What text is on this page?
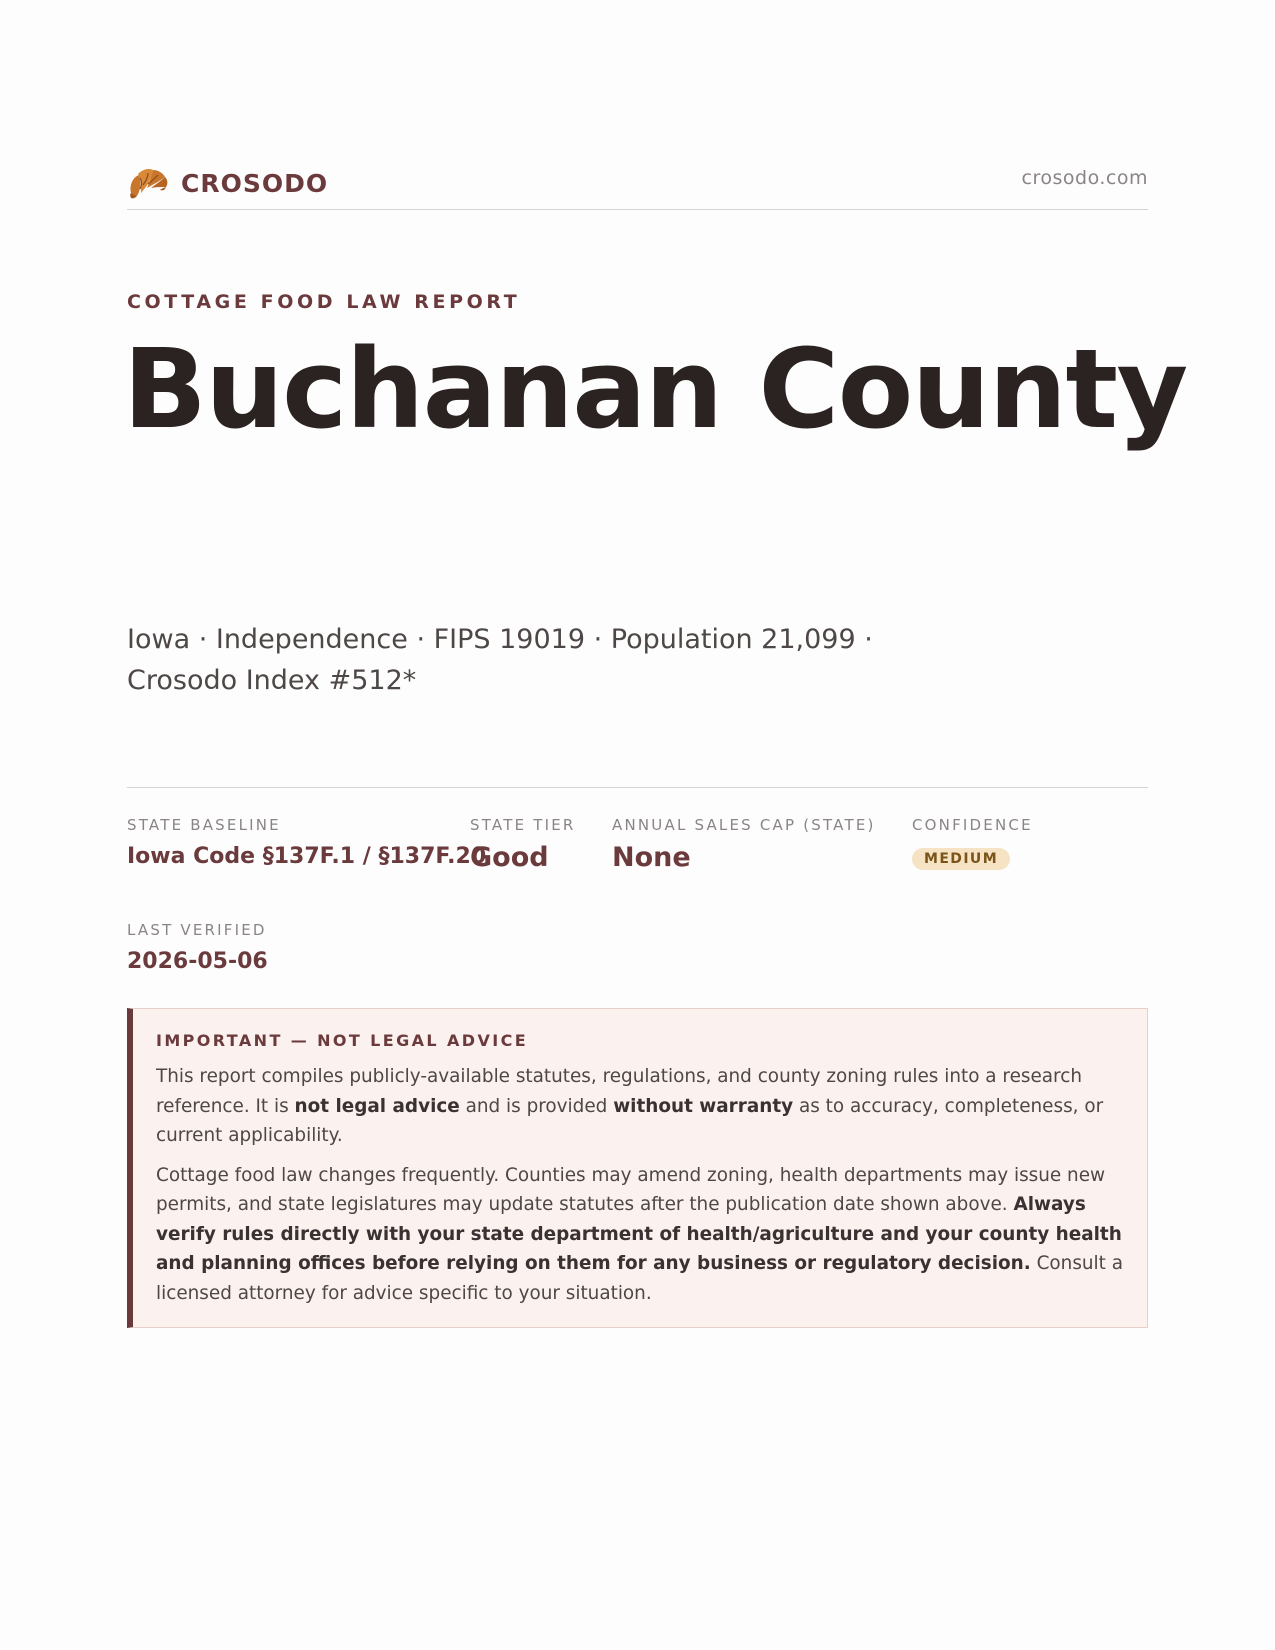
CROSODO	crosodo.com
COTTAGE FOOD LAW REPORT
Buchanan County
Iowa · Independence · FIPS 19019 · Population 21,099 ·
Crosodo Index #512*
STATE BASELINE
Iowa Code §137F.1 / §137F.20
STATE TIER
Good
ANNUAL SALES CAP (STATE)
None
CONFIDENCE
MEDIUM
LAST VERIFIED
2026-05-06
IMPORTANT — NOT LEGAL ADVICE

This report compiles publicly-available statutes, regulations, and county zoning rules into a research reference. It is not legal advice and is provided without warranty as to accuracy, completeness, or current applicability.

Cottage food law changes frequently. Counties may amend zoning, health departments may issue new permits, and state legislatures may update statutes after the publication date shown above. Always verify rules directly with your state department of health/agriculture and your county health and planning offices before relying on them for any business or regulatory decision. Consult a licensed attorney for advice specific to your situation.
